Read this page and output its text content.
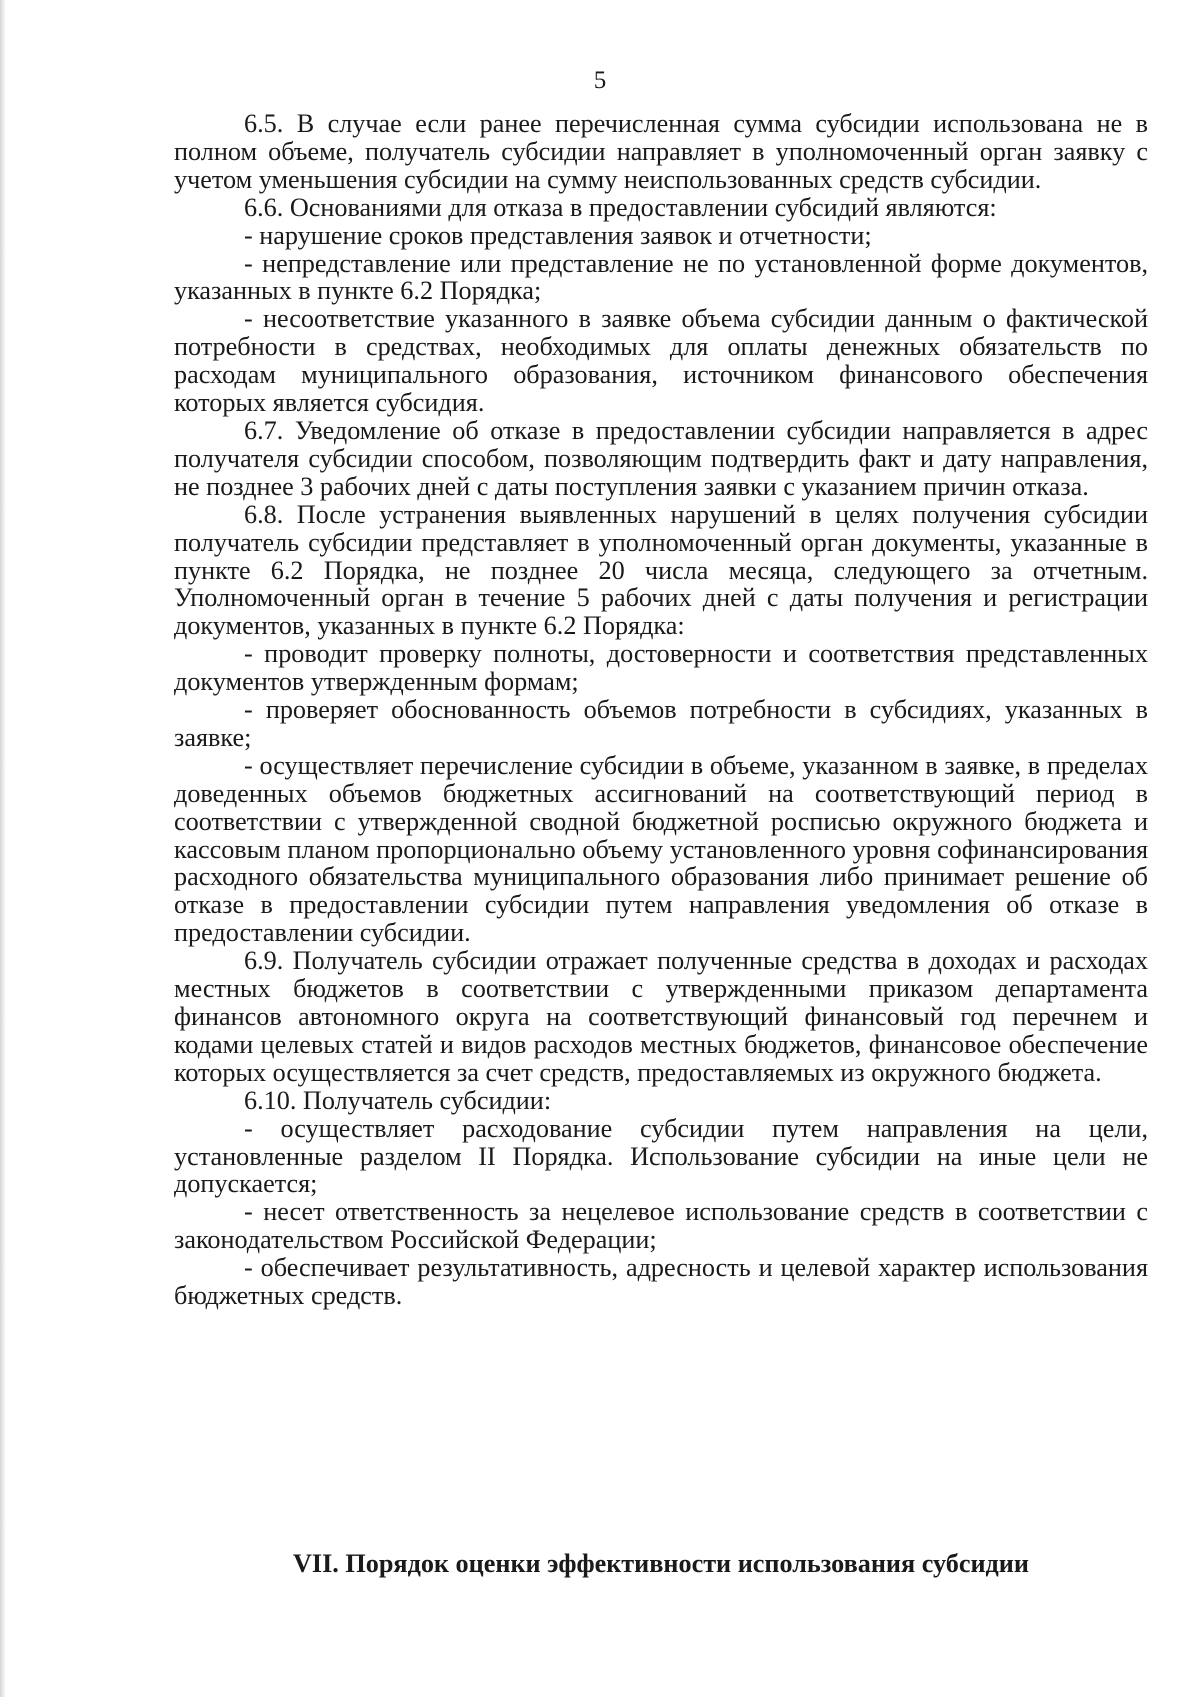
5

6.5. В случае если ранее перечисленная сумма субсидии использована не в полном объеме, получатель субсидии направляет в уполномоченный орган заявку с учетом уменьшения субсидии на сумму неиспользованных средств субсидии.

6.6. Основаниями для отказа в предоставлении субсидий являются:

- нарушение сроков представления заявок и отчетности;

- непредставление или представление не по установленной форме документов, указанных в пункте 6.2 Порядка;

- несоответствие указанного в заявке объема субсидии данным о фактической потребности в средствах, необходимых для оплаты денежных обязательств по расходам муниципального образования, источником финансового обеспечения которых является субсидия.

6.7. Уведомление об отказе в предоставлении субсидии направляется в адрес получателя субсидии способом, позволяющим подтвердить факт и дату направления, не позднее 3 рабочих дней с даты поступления заявки с указанием причин отказа.

6.8. После устранения выявленных нарушений в целях получения субсидии получатель субсидии представляет в уполномоченный орган документы, указанные в пункте 6.2 Порядка, не позднее 20 числа месяца, следующего за отчетным. Уполномоченный орган в течение 5 рабочих дней с даты получения и регистрации документов, указанных в пункте 6.2 Порядка:

- проводит проверку полноты, достоверности и соответствия представленных документов утвержденным формам;

- проверяет обоснованность объемов потребности в субсидиях, указанных в заявке;

- осуществляет перечисление субсидии в объеме, указанном в заявке, в пределах доведенных объемов бюджетных ассигнований на соответствующий период в соответствии с утвержденной сводной бюджетной росписью окружного бюджета и кассовым планом пропорционально объему установленного уровня софинансирования расходного обязательства муниципального образования либо принимает решение об отказе в предоставлении субсидии путем направления уведомления об отказе в предоставлении субсидии.

6.9. Получатель субсидии отражает полученные средства в доходах и расходах местных бюджетов в соответствии с утвержденными приказом департамента финансов автономного округа на соответствующий финансовый год перечнем и кодами целевых статей и видов расходов местных бюджетов, финансовое обеспечение которых осуществляется за счет средств, предоставляемых из окружного бюджета.

6.10. Получатель субсидии:

- осуществляет расходование субсидии путем направления на цели, установленные разделом II Порядка. Использование субсидии на иные цели не допускается;

- несет ответственность за нецелевое использование средств в соответствии с законодательством Российской Федерации;

- обеспечивает результативность, адресность и целевой характер использования бюджетных средств.

VII. Порядок оценки эффективности использования субсидии
